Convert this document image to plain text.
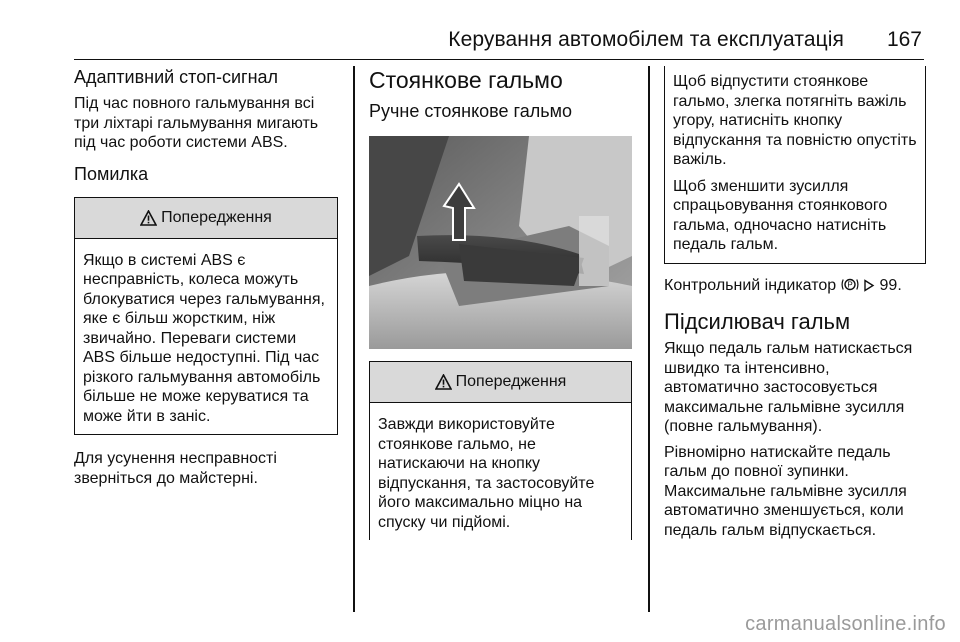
Керування автомобілем та експлуатація 167
Адаптивний стоп-сигнал

Під час повного гальмування всі три ліхтарі гальмування мигають під час роботи системи ABS.

Помилка
Попередження

Якщо в системі ABS є несправність, колеса можуть блокуватися через гальмування, яке є більш жорстким, ніж звичайно. Переваги системи ABS більше недоступні. Під час різкого гальмування автомобіль більше не може керуватися та може йти в заніс.

Для усунення несправності зверніться до майстерні.

Стоянкове гальмо
Ручне стоянкове гальмо
Попередження

Завжди використовуйте стоянкове гальмо, не натискаючи на кнопку відпускання, та застосовуйте його максимально міцно на спуску чи підйомі.

Щоб відпустити стоянкове гальмо, злегка потягніть важіль угору, натисніть кнопку відпускання та повністю опустіть важіль.

Щоб зменшити зусилля спрацьовування стоянкового гальма, одночасно натисніть педаль гальм.

Контрольний індикатор P 99.

Підсилювач гальм

Якщо педаль гальм натискається швидко та інтенсивно, автоматично застосовується максимальне гальмівне зусилля (повне гальмування).

Рівномірно натискайте педаль гальм до повної зупинки. Максимальне гальмівне зусилля автоматично зменшується, коли педаль гальм відпускається.

carmanualsonline.info
